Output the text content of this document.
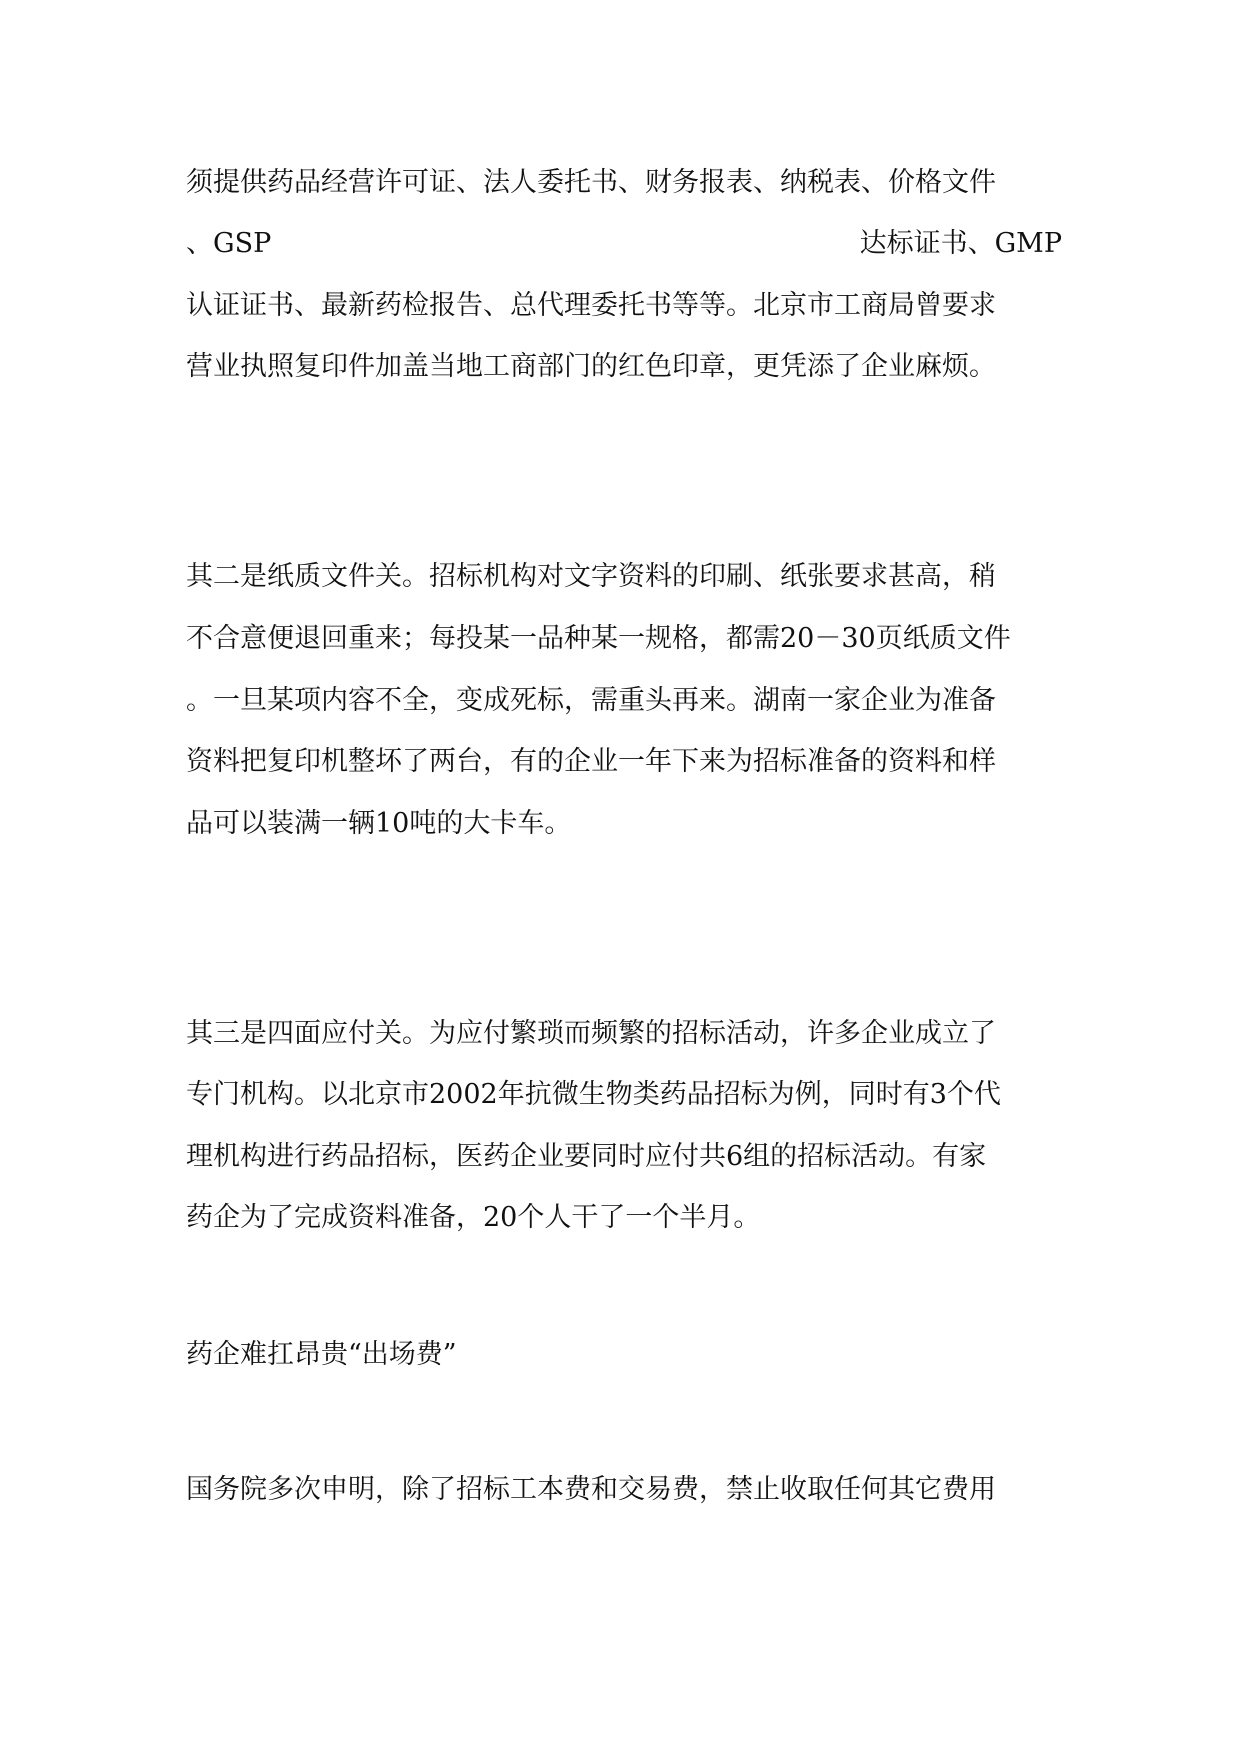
须提供药品经营许可证、法人委托书、财务报表、纳税表、价格文件
、GSP	达标证书、GMP
认证证书、最新药检报告、总代理委托书等等。北京市工商局曾要求
营业执照复印件加盖当地工商部门的红色印章，更凭添了企业麻烦。
其二是纸质文件关。招标机构对文字资料的印刷、纸张要求甚高，稍
不合意便退回重来；每投某一品种某一规格，都需20－30页纸质文件
。一旦某项内容不全，变成死标，需重头再来。湖南一家企业为准备
资料把复印机整坏了两台，有的企业一年下来为招标准备的资料和样
品可以装满一辆10吨的大卡车。
其三是四面应付关。为应付繁琐而频繁的招标活动，许多企业成立了
专门机构。以北京市2002年抗微生物类药品招标为例，同时有3个代
理机构进行药品招标，医药企业要同时应付共6组的招标活动。有家
药企为了完成资料准备，20个人干了一个半月。
药企难扛昂贵“出场费”
国务院多次申明，除了招标工本费和交易费，禁止收取任何其它费用
